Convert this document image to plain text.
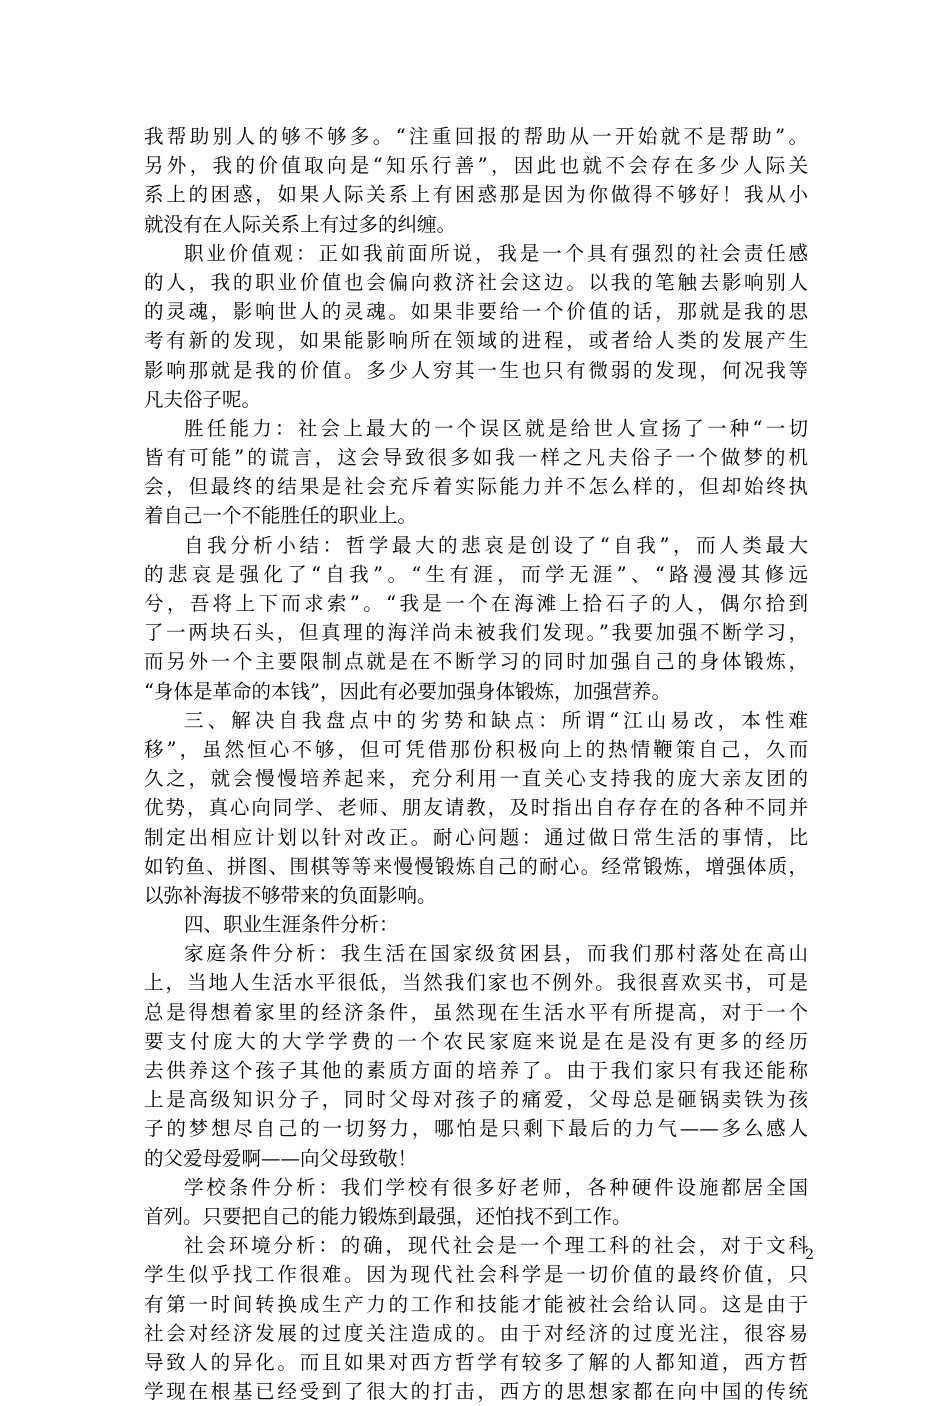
我帮助别人的够不够多。“注重回报的帮助从一开始就不是帮助”。
另外，我的价值取向是“知乐行善”，因此也就不会存在多少人际关
系上的困惑，如果人际关系上有困惑那是因为你做得不够好！我从小
就没有在人际关系上有过多的纠缠。
职业价值观：正如我前面所说，我是一个具有强烈的社会责任感
的人，我的职业价值也会偏向救济社会这边。以我的笔触去影响别人
的灵魂，影响世人的灵魂。如果非要给一个价值的话，那就是我的思
考有新的发现，如果能影响所在领域的进程，或者给人类的发展产生
影响那就是我的价值。多少人穷其一生也只有微弱的发现，何况我等
凡夫俗子呢。
胜任能力：社会上最大的一个误区就是给世人宣扬了一种“一切
皆有可能”的谎言，这会导致很多如我一样之凡夫俗子一个做梦的机
会，但最终的结果是社会充斥着实际能力并不怎么样的，但却始终执
着自己一个不能胜任的职业上。
自我分析小结：哲学最大的悲哀是创设了“自我”，而人类最大
的悲哀是强化了“自我”。“生有涯，而学无涯”、“路漫漫其修远
兮，吾将上下而求索”。“我是一个在海滩上拾石子的人，偶尔拾到
了一两块石头，但真理的海洋尚未被我们发现。”我要加强不断学习，
而另外一个主要限制点就是在不断学习的同时加强自己的身体锻炼，
“身体是革命的本钱”，因此有必要加强身体锻炼，加强营养。
三、解决自我盘点中的劣势和缺点：所谓“江山易改，本性难
移”，虽然恒心不够，但可凭借那份积极向上的热情鞭策自己，久而
久之，就会慢慢培养起来，充分利用一直关心支持我的庞大亲友团的
优势，真心向同学、老师、朋友请教，及时指出自存存在的各种不同并
制定出相应计划以针对改正。耐心问题：通过做日常生活的事情，比
如钓鱼、拼图、围棋等等来慢慢锻炼自己的耐心。经常锻炼，增强体质，
以弥补海拔不够带来的负面影响。
四、职业生涯条件分析：
家庭条件分析：我生活在国家级贫困县，而我们那村落处在高山
上，当地人生活水平很低，当然我们家也不例外。我很喜欢买书，可是
总是得想着家里的经济条件，虽然现在生活水平有所提高，对于一个
要支付庞大的大学学费的一个农民家庭来说是在是没有更多的经历
去供养这个孩子其他的素质方面的培养了。由于我们家只有我还能称
上是高级知识分子，同时父母对孩子的痛爱，父母总是砸锅卖铁为孩
子的梦想尽自己的一切努力，哪怕是只剩下最后的力气——多么感人
的父爱母爱啊——向父母致敬！
学校条件分析：我们学校有很多好老师，各种硬件设施都居全国
首列。只要把自己的能力锻炼到最强，还怕找不到工作。
社会环境分析：的确，现代社会是一个理工科的社会，对于文科
学生似乎找工作很难。因为现代社会科学是一切价值的最终价值，只
有第一时间转换成生产力的工作和技能才能被社会给认同。这是由于
社会对经济发展的过度关注造成的。由于对经济的过度光注，很容易
导致人的异化。而且如果对西方哲学有较多了解的人都知道，西方哲
学现在根基已经受到了很大的打击，西方的思想家都在向中国的传统
2
